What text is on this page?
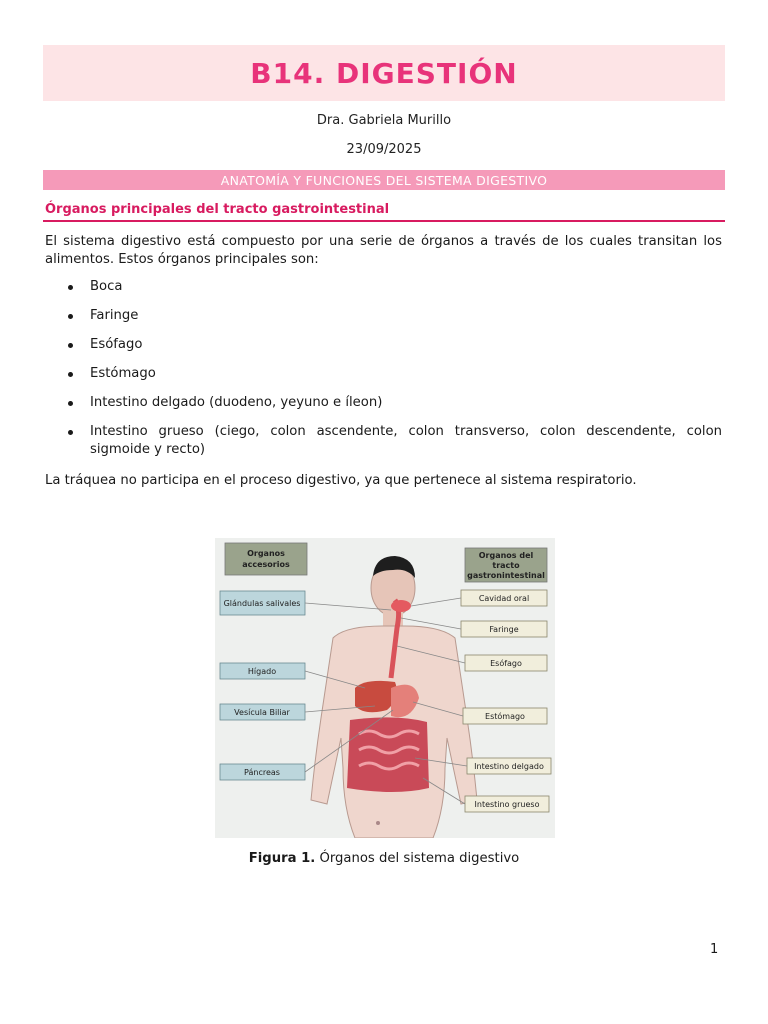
B14. DIGESTIÓN
Dra. Gabriela Murillo
23/09/2025
ANATOMÍA Y FUNCIONES DEL SISTEMA DIGESTIVO
Órganos principales del tracto gastrointestinal
El sistema digestivo está compuesto por una serie de órganos a través de los cuales transitan los alimentos. Estos órganos principales son:
Boca
Faringe
Esófago
Estómago
Intestino delgado (duodeno, yeyuno e íleon)
Intestino grueso (ciego, colon ascendente, colon transverso, colon descendente, colon sigmoide y recto)
La tráquea no participa en el proceso digestivo, ya que pertenece al sistema respiratorio.
Organos
accesorios
Organos del
tracto
gastronintestinal
Glándulas salivales
Hígado
Vesícula Biliar
Páncreas
Cavidad oral
Faringe
Esófago
Estómago
Intestino delgado
Intestino grueso
Figura 1. Órganos del sistema digestivo
1
